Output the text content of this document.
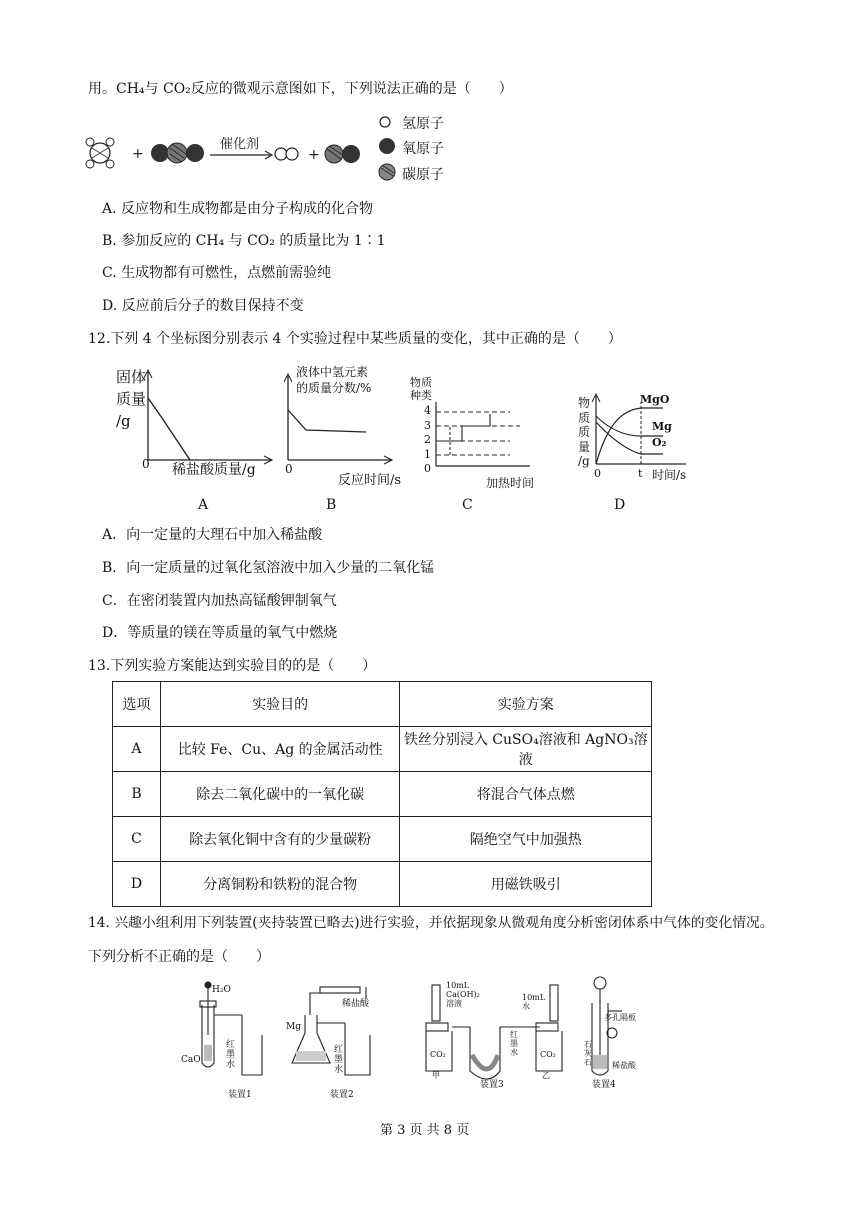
用。CH₄与 CO₂反应的微观示意图如下，下列说法正确的是（　　）
+
催化剂
+
氢原子
氧原子
碳原子
A. 反应物和生成物都是由分子构成的化合物
B. 参加反应的 CH₄ 与 CO₂ 的质量比为 1∶1
C. 生成物都有可燃性，点燃前需验纯
D. 反应前后分子的数目保持不变
12.下列 4 个坐标图分别表示 4 个实验过程中某些质量的变化，其中正确的是（　　）
固体
质量
/g
0 稀盐酸质量/g
A
液体中氢元素
的质量分数/%
0
反应时间/s
B
物质
种类
4
3
2
1
0
加热时间
C
物
质
质
量
/g
MgO
Mg
O₂
0	t 时间/s
D
A．向一定量的大理石中加入稀盐酸
B．向一定质量的过氧化氢溶液中加入少量的二氧化锰
C．在密闭装置内加热高锰酸钾制氧气
D．等质量的镁在等质量的氧气中燃烧
13.下列实验方案能达到实验目的的是（　　）
选项	实验目的	实验方案
A	比较 Fe、Cu、Ag 的金属活动性	铁丝分别浸入 CuSO₄溶液和 AgNO₃溶液
B	除去二氧化碳中的一氧化碳	将混合气体点燃
C	除去氧化铜中含有的少量碳粉	隔绝空气中加强热
D	分离铜粉和铁粉的混合物	用磁铁吸引
14. 兴趣小组利用下列装置(夹持装置已略去)进行实验，并依据现象从微观角度分析密闭体系中气体的变化情况。
下列分析不正确的是（　　）
H₂O
CaO
红
墨
水
装置1
稀盐酸
Mg
红
墨
水
装置2
10mL
Ca(OH)₂
溶液
10mL
水
CO₂	CO₂
甲	乙
红
墨
水
装置3
多孔隔板
石
灰
石	稀盐酸
装置4
第 3 页 共 8 页
